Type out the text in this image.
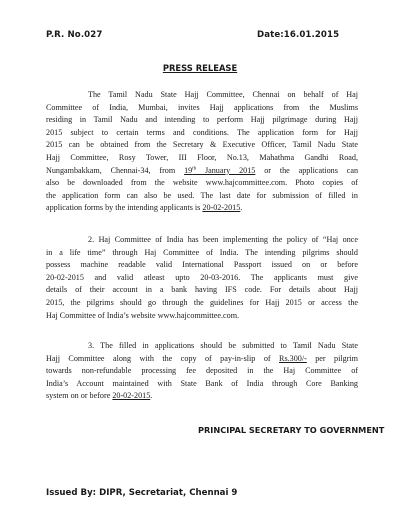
P.R. No.027	Date:16.01.2015
PRESS RELEASE
The Tamil Nadu State Hajj Committee, Chennai on behalf of Haj
Committee of India, Mumbai, invites Hajj applications from the Muslims
residing in Tamil Nadu and intending to perform Hajj pilgrimage during Hajj
2015 subject to certain terms and conditions. The application form for Hajj
2015 can be obtained from the Secretary & Executive Officer, Tamil Nadu State
Hajj Committee, Rosy Tower, III Floor, No.13, Mahathma Gandhi Road,
Nungambakkam, Chennai-34, from 19th January 2015 or the applications can
also be downloaded from the website www.hajcommittee.com. Photo copies of
the application form can also be used. The last date for submission of filled in
application forms by the intending applicants is 20-02-2015.
2. Haj Committee of India has been implementing the policy of “Haj once
in a life time” through Haj Committee of India. The intending pilgrims should
possess machine readable valid International Passport issued on or before
20-02-2015 and valid atleast upto 20-03-2016. The applicants must give
details of their account in a bank having IFS code. For details about Hajj
2015, the pilgrims should go through the guidelines for Hajj 2015 or access the
Haj Committee of India’s website www.hajcommittee.com.
3. The filled in applications should be submitted to Tamil Nadu State
Hajj Committee along with the copy of pay-in-slip of Rs.300/- per pilgrim
towards non-refundable processing fee deposited in the Haj Committee of
India’s Account maintained with State Bank of India through Core Banking
system on or before 20-02-2015.
PRINCIPAL SECRETARY TO GOVERNMENT
Issued By: DIPR, Secretariat, Chennai 9
